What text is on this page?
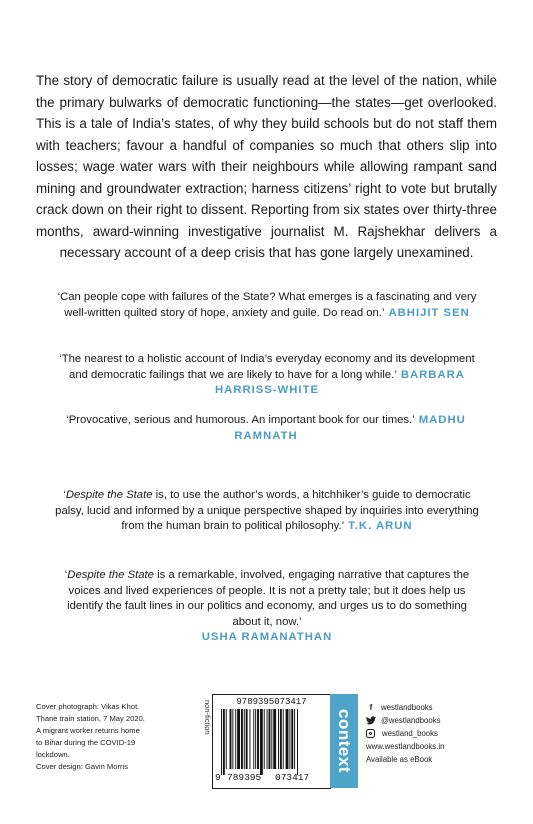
The story of democratic failure is usually read at the level of the nation, while the primary bulwarks of democratic functioning—the states—get overlooked. This is a tale of India’s states, of why they build schools but do not staff them with teachers; favour a handful of companies so much that others slip into losses; wage water wars with their neighbours while allowing rampant sand mining and groundwater extraction; harness citizens’ right to vote but brutally crack down on their right to dissent. Reporting from six states over thirty-three months, award-winning investigative journalist M. Rajshekhar delivers a necessary account of a deep crisis that has gone largely unexamined.
‘Can people cope with failures of the State? What emerges is a fascinating and very well-written quilted story of hope, anxiety and guile. Do read on.’ ABHIJIT SEN
‘The nearest to a holistic account of India’s everyday economy and its development and democratic failings that we are likely to have for a long while.’ BARBARA HARRISS-WHITE
‘Provocative, serious and humorous. An important book for our times.’ MADHU RAMNATH
‘Despite the State is, to use the author’s words, a hitchhiker’s guide to democratic palsy, lucid and informed by a unique perspective shaped by inquiries into everything from the human brain to political philosophy.’ T.K. ARUN
‘Despite the State is a remarkable, involved, engaging narrative that captures the voices and lived experiences of people. It is not a pretty tale; but it does help us identify the fault lines in our politics and economy, and urges us to do something about it, now.’
USHA RAMANATHAN
Cover photograph: Vikas Khot.
Thane train station, 7 May 2020.
A migrant worker returns home
to Bihar during the COVID-19
lockdown.
Cover design: Gavin Morris
non-fiction	9789395073417
9 789395 073417
context
f	westlandbooks
@westlandbooks
westland_books
www.westlandbooks.in
Available as eBook
